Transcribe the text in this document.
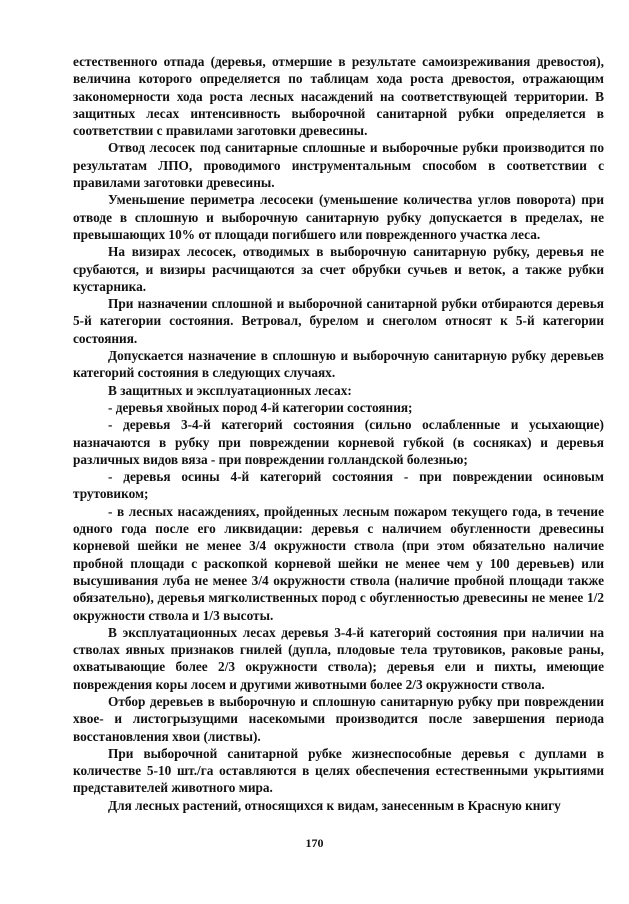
естественного отпада (деревья, отмершие в результате самоизреживания древостоя), величина которого определяется по таблицам хода роста древостоя, отражающим закономерности хода роста лесных насаждений на соответствующей территории. В защитных лесах интенсивность выборочной санитарной рубки определяется в соответствии с правилами заготовки древесины.

Отвод лесосек под санитарные сплошные и выборочные рубки производится по результатам ЛПО, проводимого инструментальным способом в соответствии с правилами заготовки древесины.

Уменьшение периметра лесосеки (уменьшение количества углов поворота) при отводе в сплошную и выборочную санитарную рубку допускается в пределах, не превышающих 10% от площади погибшего или поврежденного участка леса.

На визирах лесосек, отводимых в выборочную санитарную рубку, деревья не срубаются, и визиры расчищаются за счет обрубки сучьев и веток, а также рубки кустарника.

При назначении сплошной и выборочной санитарной рубки отбираются деревья 5-й категории состояния. Ветровал, бурелом и снеголом относят к 5-й категории состояния.

Допускается назначение в сплошную и выборочную санитарную рубку деревьев категорий состояния в следующих случаях.

В защитных и эксплуатационных лесах:

- деревья хвойных пород 4-й категории состояния;

- деревья 3-4-й категорий состояния (сильно ослабленные и усыхающие) назначаются в рубку при повреждении корневой губкой (в сосняках) и деревья различных видов вяза - при повреждении голландской болезнью;

- деревья осины 4-й категорий состояния - при повреждении осиновым трутовиком;

- в лесных насаждениях, пройденных лесным пожаром текущего года, в течение одного года после его ликвидации: деревья с наличием обугленности древесины корневой шейки не менее 3/4 окружности ствола (при этом обязательно наличие пробной площади с раскопкой корневой шейки не менее чем у 100 деревьев) или высушивания луба не менее 3/4 окружности ствола (наличие пробной площади также обязательно), деревья мягколиственных пород с обугленностью древесины не менее 1/2 окружности ствола и 1/3 высоты.

В эксплуатационных лесах деревья 3-4-й категорий состояния при наличии на стволах явных признаков гнилей (дупла, плодовые тела трутовиков, раковые раны, охватывающие более 2/3 окружности ствола); деревья ели и пихты, имеющие повреждения коры лосем и другими животными более 2/3 окружности ствола.

Отбор деревьев в выборочную и сплошную санитарную рубку при повреждении хвое- и листогрызущими насекомыми производится после завершения периода восстановления хвои (листвы).

При выборочной санитарной рубке жизнеспособные деревья с дуплами в количестве 5-10 шт./га оставляются в целях обеспечения естественными укрытиями представителей животного мира.

Для лесных растений, относящихся к видам, занесенным в Красную книгу

170
